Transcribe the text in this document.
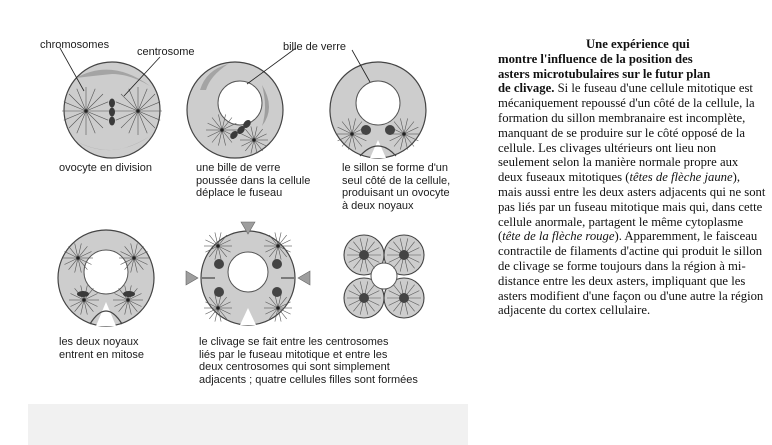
chromosomes
centrosome	bille de verre
ovocyte en division	une bille de verre
poussée dans la cellule
déplace le fuseau
le sillon se forme d'un
seul côté de la cellule,
produisant un ovocyte
à deux noyaux
les deux noyaux
entrent en mitose
le clivage se fait entre les centrosomes
liés par le fuseau mitotique et entre les
deux centrosomes qui sont simplement
adjacents ; quatre cellules filles sont formées

Une expérience qui
montre l'influence de la position des
asters microtubulaires sur le futur plan
de clivage. Si le fuseau d'une cellule mitotique est mécaniquement repoussé d'un côté de la cellule, la formation du sillon membranaire est incomplète, manquant de se produire sur le côté opposé de la cellule. Les clivages ultérieurs ont lieu non seulement selon la manière normale propre aux deux fuseaux mitotiques (têtes de flèche jaune), mais aussi entre les deux asters adjacents qui ne sont pas liés par un fuseau mitotique mais qui, dans cette cellule anormale, partagent le même cytoplasme (tête de la flèche rouge). Apparemment, le faisceau contractile de filaments d'actine qui produit le sillon de clivage se forme toujours dans la région à mi-distance entre les deux asters, impliquant que les asters modifient d'une façon ou d'une autre la région adjacente du cortex cellulaire.
